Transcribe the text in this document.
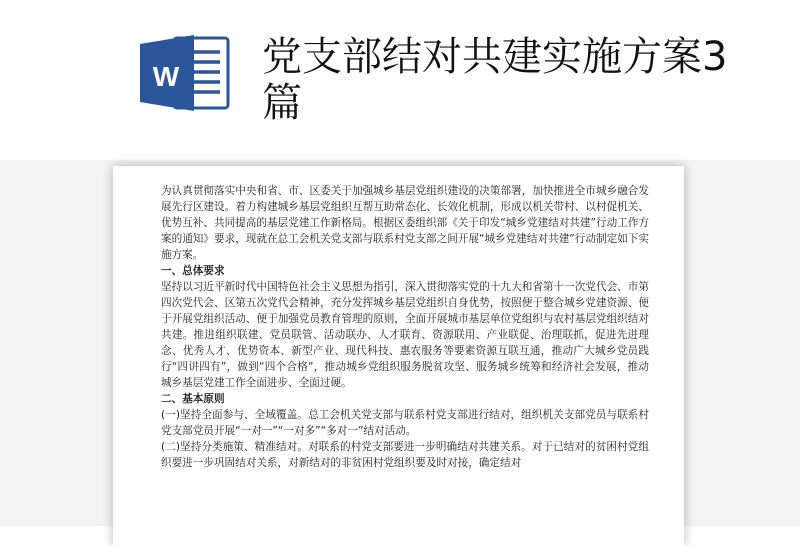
W 党支部结对共建实施方案3篇

为认真贯彻落实中央和省、市、区委关于加强城乡基层党组织建设的决策部署，加快推进全市城乡融合发展先行区建设。着力构建城乡基层党组织互帮互助常态化、长效化机制，形成以机关带村、以村促机关、优势互补、共同提高的基层党建工作新格局。根据区委组织部《关于印发“城乡党建结对共建”行动工作方案的通知》要求，现就在总工会机关党支部与联系村党支部之间开展“城乡党建结对共建”行动制定如下实施方案。

一、总体要求

坚持以习近平新时代中国特色社会主义思想为指引，深入贯彻落实党的十九大和省第十一次党代会、市第四次党代会、区第五次党代会精神，充分发挥城乡基层党组织自身优势，按照便于整合城乡党建资源、便于开展党组织活动、便于加强党员教育管理的原则，全面开展城市基层单位党组织与农村基层党组织结对共建。推进组织联建、党员联管、活动联办、人才联育、资源联用、产业联促、治理联抓，促进先进理念、优秀人才、优势资本、新型产业、现代科技、惠农服务等要素资源互联互通，推动广大城乡党员践行“四讲四有”，做到“四个合格”，推动城乡党组织服务脱贫攻坚、服务城乡统筹和经济社会发展，推动城乡基层党建工作全面进步、全面过硬。

二、基本原则

(一)坚持全面参与、全域覆盖。总工会机关党支部与联系村党支部进行结对，组织机关支部党员与联系村党支部党员开展“一对一”“一对多”“多对一”结对活动。

(二)坚持分类施策、精准结对。对联系的村党支部要进一步明确结对共建关系。对于已结对的贫困村党组织要进一步巩固结对关系，对新结对的非贫困村党组织要及时对接，确定结对
